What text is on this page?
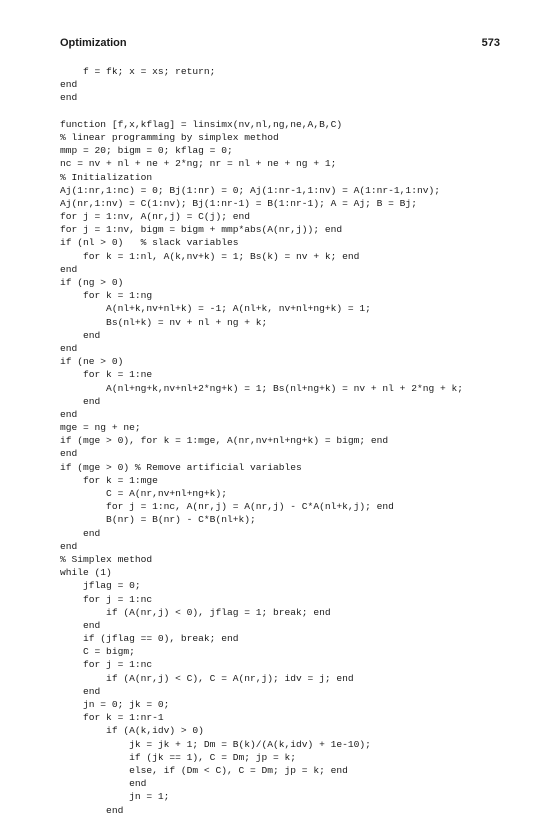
Optimization	573
f = fk; x = xs; return;
end
end
function [f,x,kflag] = linsimx(nv,nl,ng,ne,A,B,C)
% linear programming by simplex method
mmp = 20; bigm = 0; kflag = 0;
nc = nv + nl + ne + 2*ng; nr = nl + ne + ng + 1;
% Initialization
Aj(1:nr,1:nc) = 0; Bj(1:nr) = 0; Aj(1:nr-1,1:nv) = A(1:nr-1,1:nv);
Aj(nr,1:nv) = C(1:nv); Bj(1:nr-1) = B(1:nr-1); A = Aj; B = Bj;
for j = 1:nv, A(nr,j) = C(j); end
for j = 1:nv, bigm = bigm + mmp*abs(A(nr,j)); end
if (nl > 0)   % slack variables
for k = 1:nl, A(k,nv+k) = 1; Bs(k) = nv + k; end
end
if (ng > 0)
for k = 1:ng
A(nl+k,nv+nl+k) = -1; A(nl+k, nv+nl+ng+k) = 1;
Bs(nl+k) = nv + nl + ng + k;
end
end
if (ne > 0)
for k = 1:ne
A(nl+ng+k,nv+nl+2*ng+k) = 1; Bs(nl+ng+k) = nv + nl + 2*ng + k;
end
end
mge = ng + ne;
if (mge > 0), for k = 1:mge, A(nr,nv+nl+ng+k) = bigm; end
end
if (mge > 0) % Remove artificial variables
for k = 1:mge
C = A(nr,nv+nl+ng+k);
for j = 1:nc, A(nr,j) = A(nr,j) - C*A(nl+k,j); end
B(nr) = B(nr) - C*B(nl+k);
end
end
% Simplex method
while (1)
jflag = 0;
for j = 1:nc
if (A(nr,j) < 0), jflag = 1; break; end
end
if (jflag == 0), break; end
C = bigm;
for j = 1:nc
if (A(nr,j) < C), C = A(nr,j); idv = j; end
end
jn = 0; jk = 0;
for k = 1:nr-1
if (A(k,idv) > 0)
jk = jk + 1; Dm = B(k)/(A(k,idv) + 1e-10);
if (jk == 1), C = Dm; jp = k;
else, if (Dm < C), C = Dm; jp = k; end
end
jn = 1;
end
